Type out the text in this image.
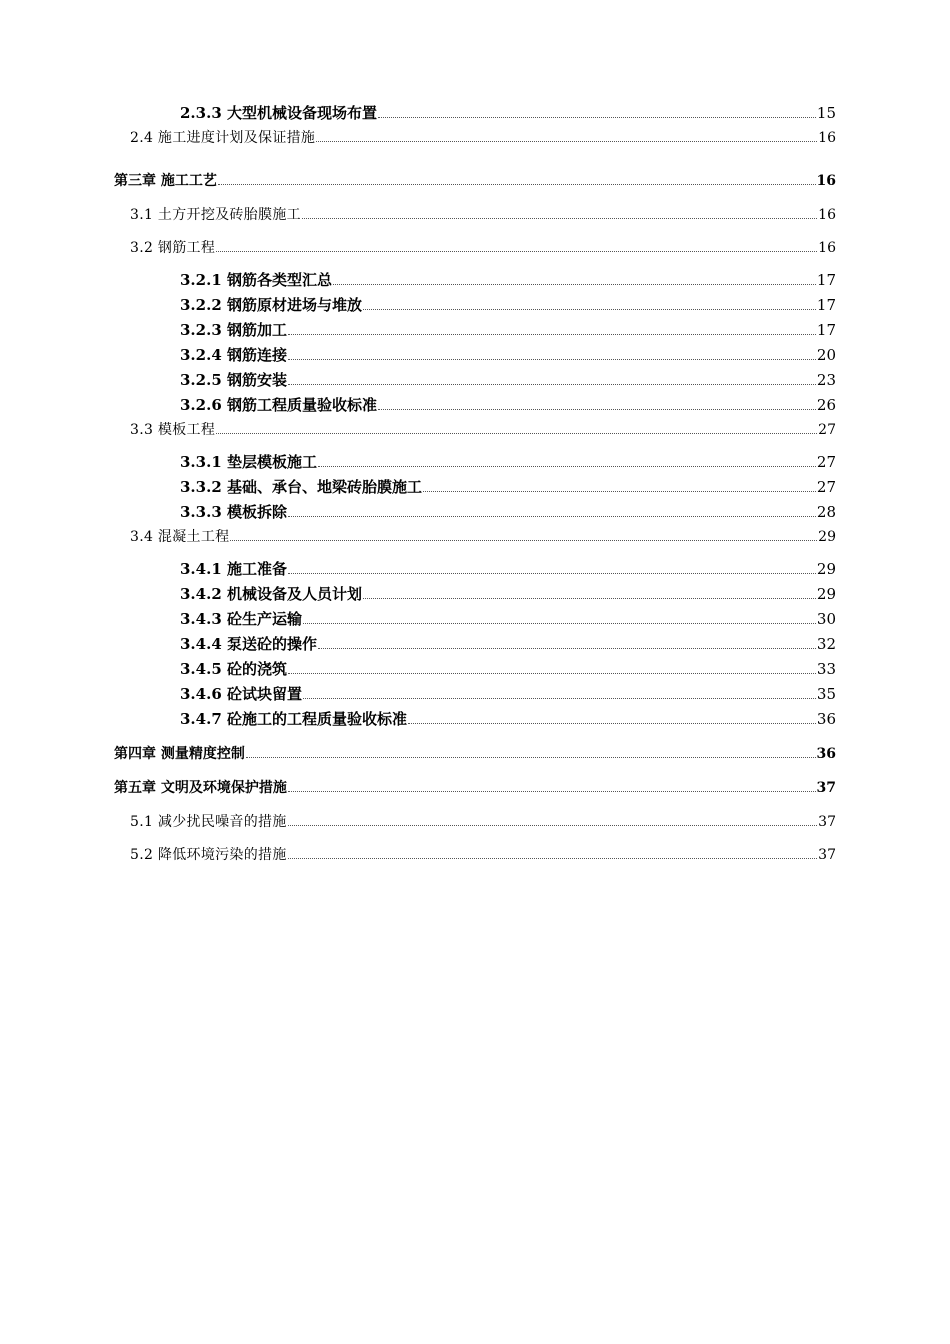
2.3.3 大型机械设备现场布置	15
2.4 施工进度计划及保证措施	16
第三章 施工工艺	16
3.1 土方开挖及砖胎膜施工	16
3.2 钢筋工程	16
3.2.1 钢筋各类型汇总	17
3.2.2 钢筋原材进场与堆放	17
3.2.3 钢筋加工	17
3.2.4 钢筋连接	20
3.2.5 钢筋安装	23
3.2.6 钢筋工程质量验收标准	26
3.3 模板工程	27
3.3.1 垫层模板施工	27
3.3.2 基础、承台、地梁砖胎膜施工	27
3.3.3 模板拆除	28
3.4 混凝土工程	29
3.4.1 施工准备	29
3.4.2 机械设备及人员计划	29
3.4.3 砼生产运输	30
3.4.4 泵送砼的操作	32
3.4.5 砼的浇筑	33
3.4.6 砼试块留置	35
3.4.7 砼施工的工程质量验收标准	36
第四章 测量精度控制	36
第五章 文明及环境保护措施	37
5.1 减少扰民噪音的措施	37
5.2 降低环境污染的措施	37
